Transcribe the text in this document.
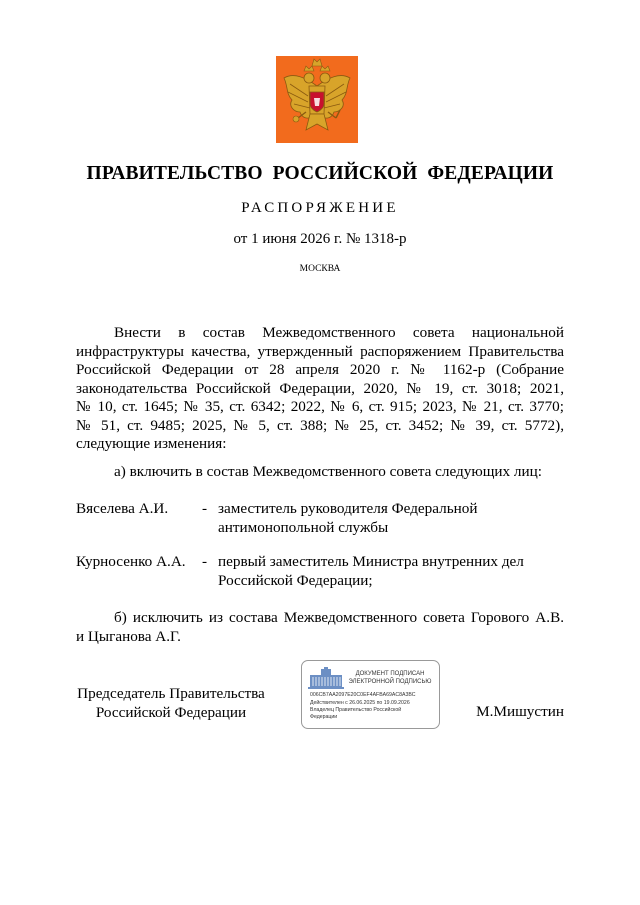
ПРАВИТЕЛЬСТВО РОССИЙСКОЙ ФЕДЕРАЦИИ
РАСПОРЯЖЕНИЕ
от 1 июня 2026 г. № 1318-р
МОСКВА
Внести в состав Межведомственного совета национальной
инфраструктуры качества, утвержденный распоряжением Правительства
Российской Федерации от 28 апреля 2020 г. № 1162-р (Собрание
законодательства Российской Федерации, 2020, № 19, ст. 3018; 2021,
№ 10, ст. 1645; № 35, ст. 6342; 2022, № 6, ст. 915; 2023, № 21, ст. 3770;
№ 51, ст. 9485; 2025, № 5, ст. 388; № 25, ст. 3452; № 39, ст. 5772),
следующие изменения:
а) включить в состав Межведомственного совета следующих лиц:
Вяселева А.И. - заместитель руководителя Федеральной антимонопольной службы
Курносенко А.А. - первый заместитель Министра внутренних дел Российской Федерации;
б) исключить из состава Межведомственного совета Горового А.В.
и Цыганова А.Г.
Председатель Правительства Российской Федерации	М.Мишустин
ДОКУМЕНТ ПОДПИСАН ЭЛЕКТРОННОЙ ПОДПИСЬЮ
006CB7AA2097E20C0EF4AFBA69AC8A3BC
Действителен с 26.06.2025 по 19.09.2026
Владелец Правительство Российской
Федерации
